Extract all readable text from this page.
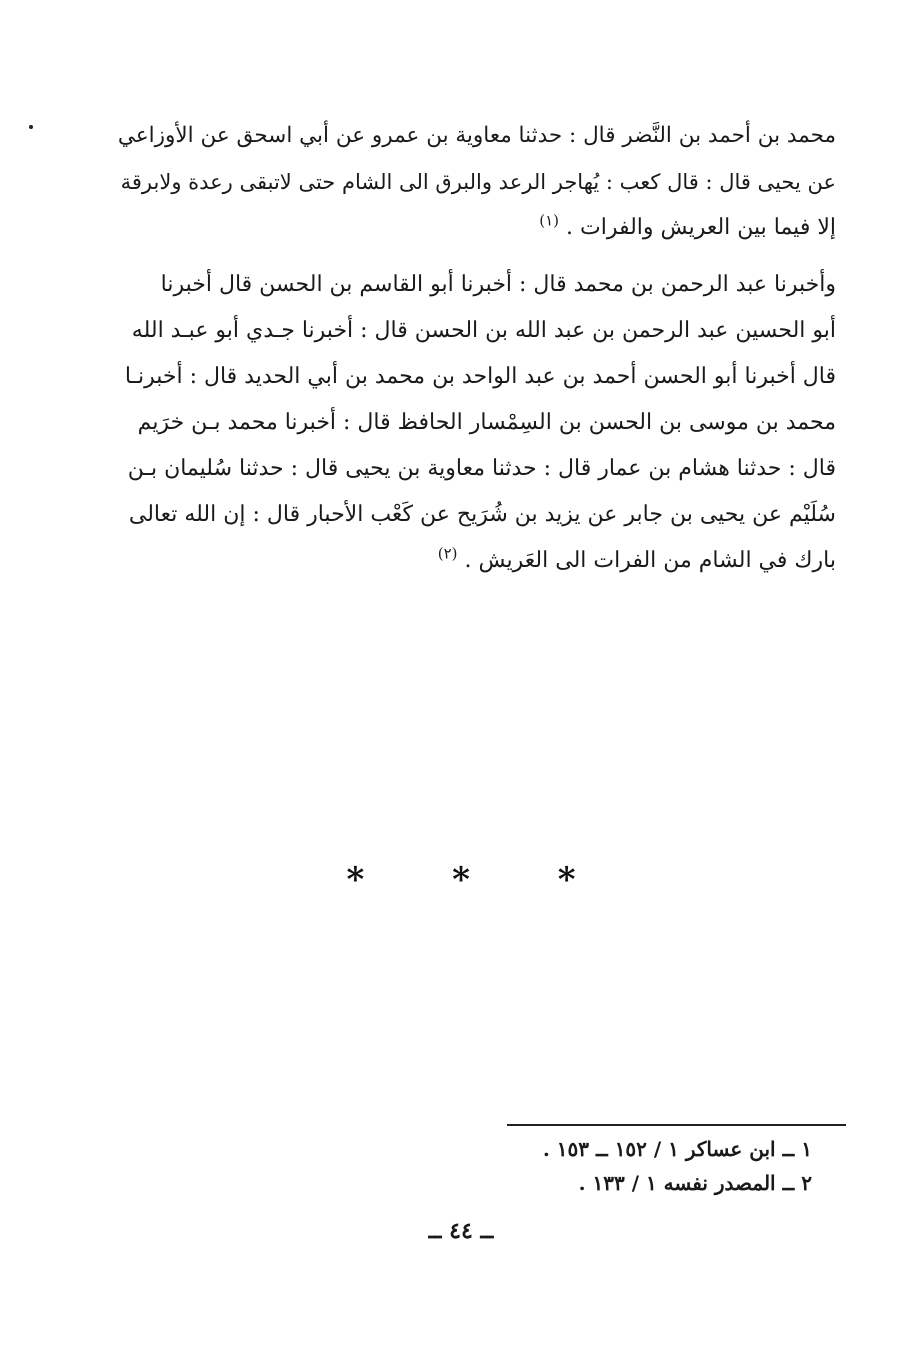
محمد بن أحمد بن النَّضر قال : حدثنا معاوية بن عمرو عن أبي اسحق عن الأوزاعي
عن يحيى قال : قال كعب : يُهاجر الرعد والبرق الى الشام حتى لاتبقى رعدة ولابرقة
إلا فيما بين العريش والفرات . $^{(١)}$
وأخبرنا عبد الرحمن بن محمد قال : أخبرنا أبو القاسم بن الحسن قال أخبرنا
أبو الحسين عبد الرحمن بن عبد الله بن الحسن قال : أخبرنا جـدي أبو عبـد الله
قال أخبرنا أبو الحسن أحمد بن عبد الواحد بن محمد بن أبي الحديد قال : أخبرنـا
محمد بن موسى بن الحسن بن السِمْسار الحافظ قال : أخبرنا محمد بـن خرَيم
قال : حدثنا هشام بن عمار قال : حدثنا معاوية بن يحيى قال : حدثنا سُليمان بـن
سُلَيْم عن يحيى بن جابر عن يزيد بن شُرَيح عن كَعْب الأحبار قال : إن الله تعالى
بارك في الشام من الفرات الى العَريش . $^{(٢)}$
* * *
١ ــ ابن عساكر ١ / ١٥٢ ــ ١٥٣ .
٢ ــ المصدر نفسه ١ / ١٣٣ .
ــ ٤٤ ــ
